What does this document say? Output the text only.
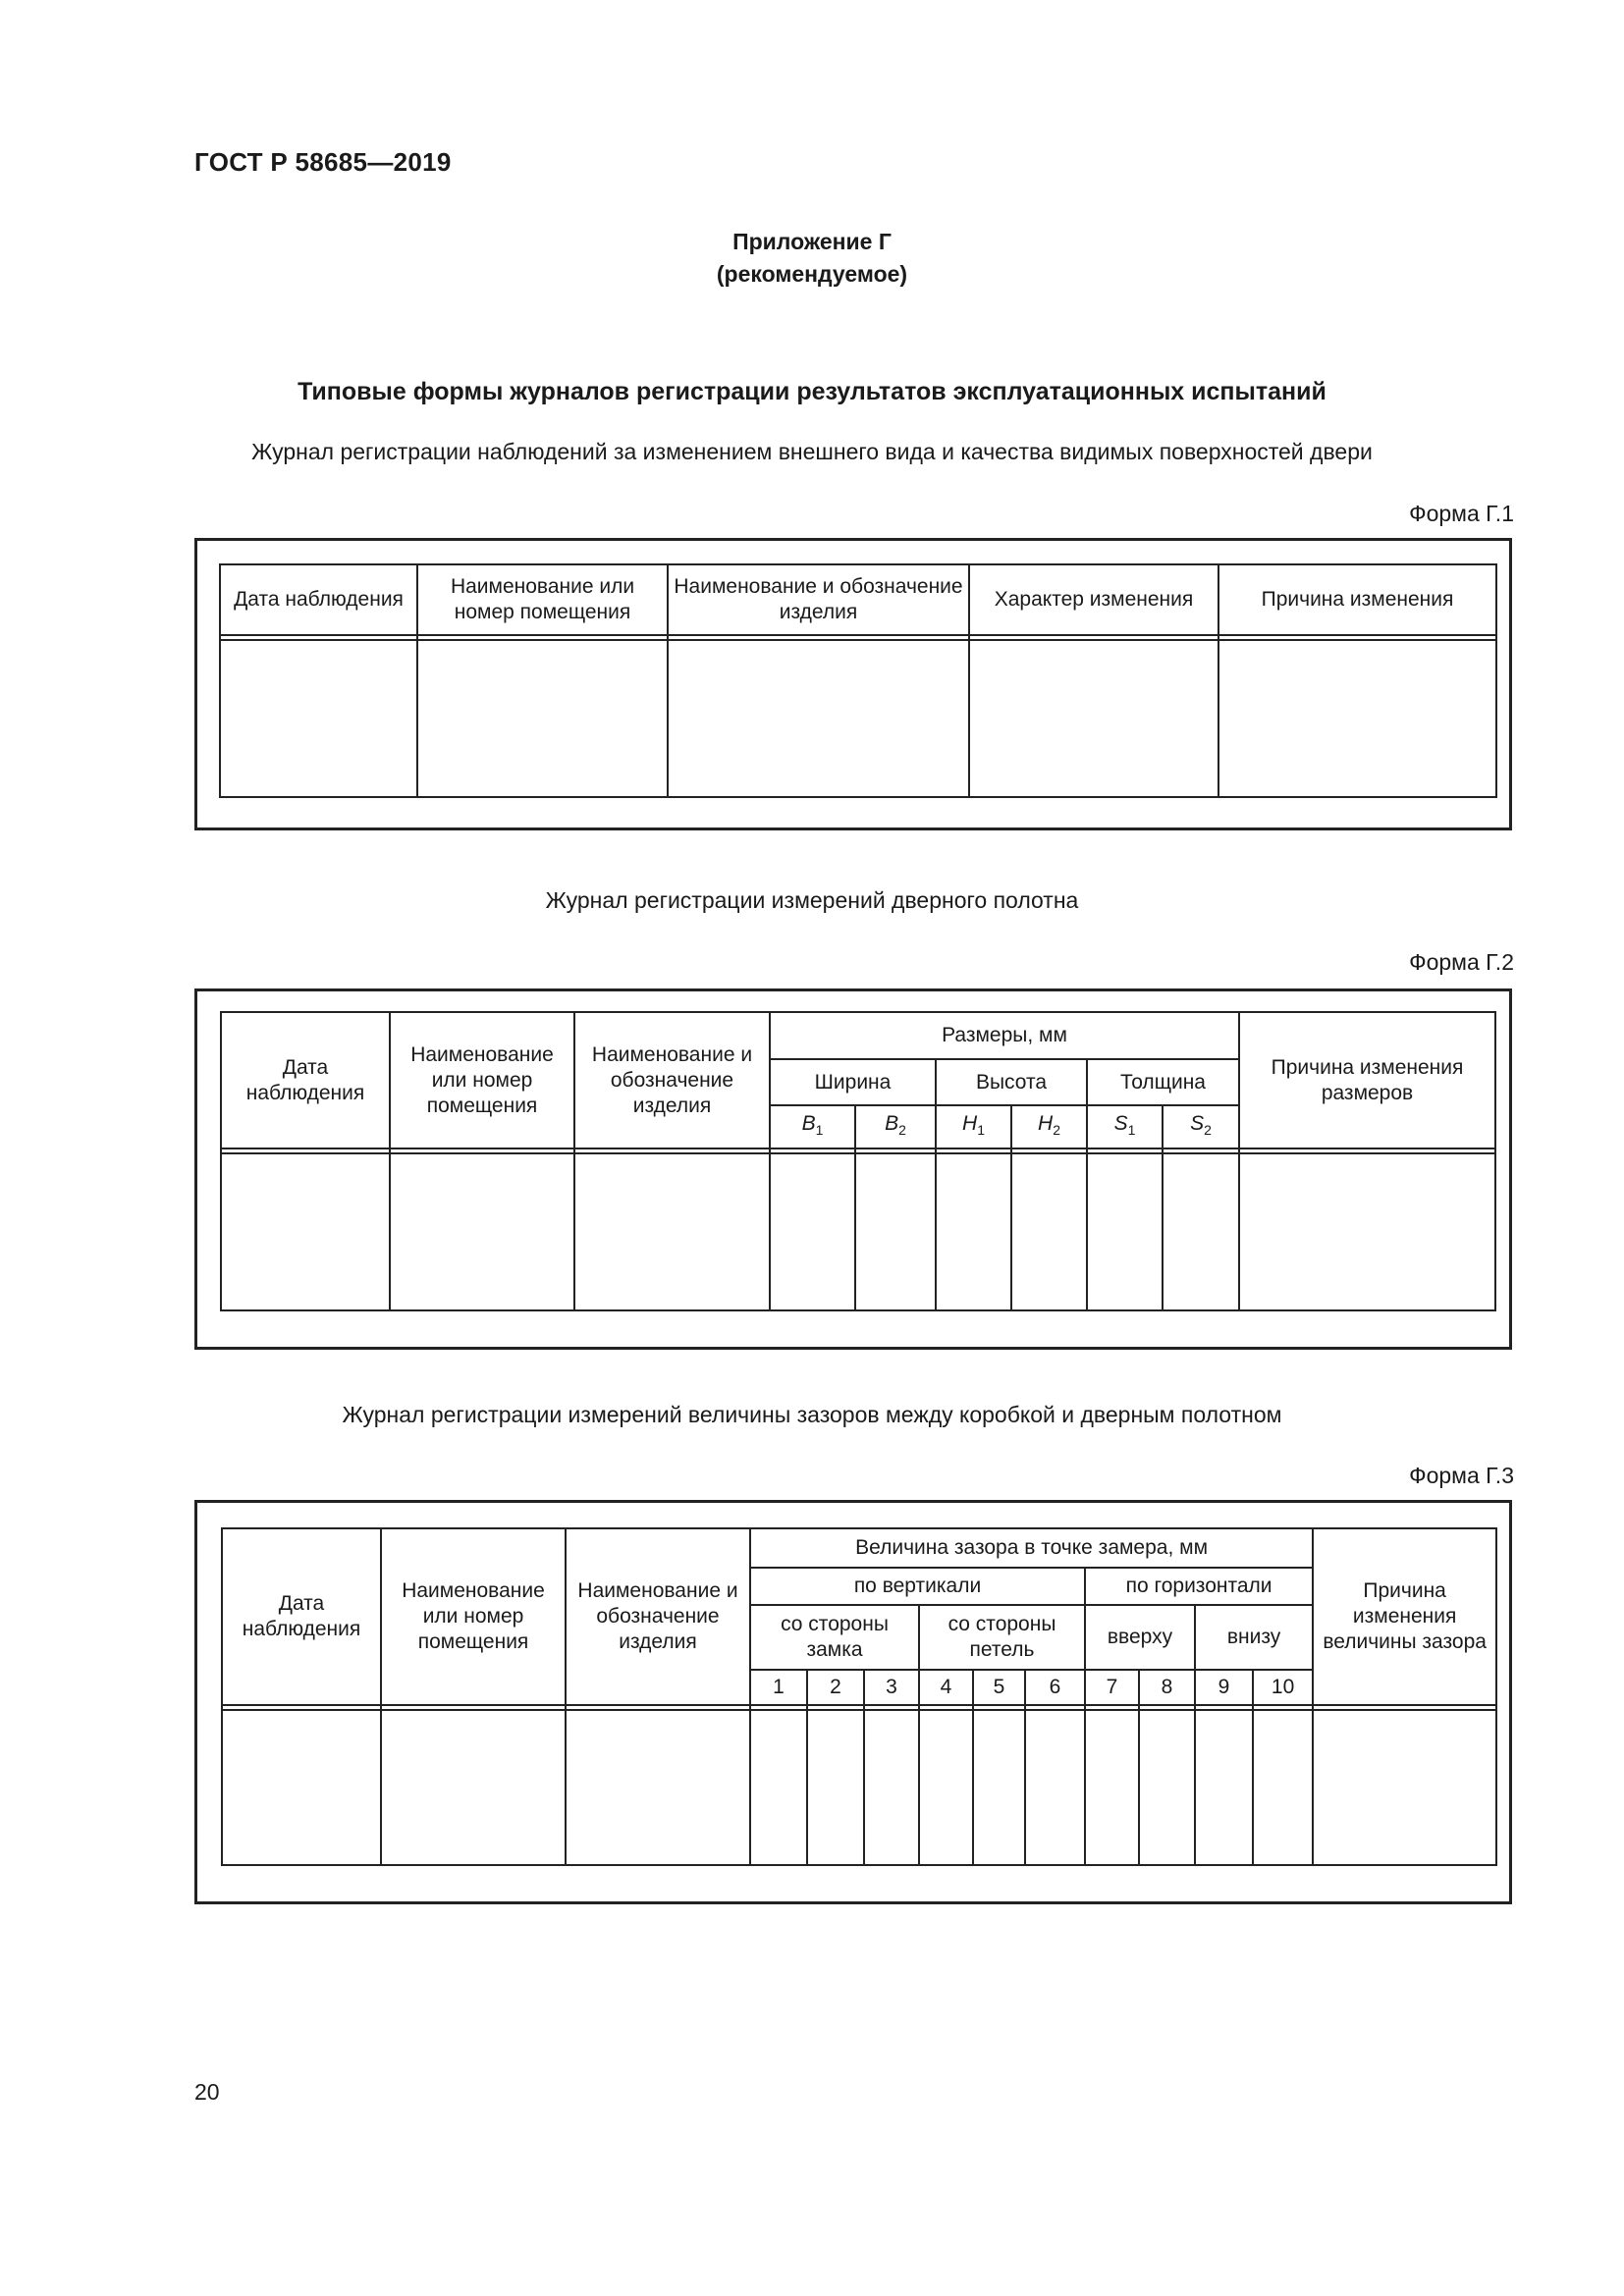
ГОСТ Р 58685—2019
Приложение Г
(рекомендуемое)
Типовые формы журналов регистрации результатов эксплуатационных испытаний
Журнал регистрации наблюдений за изменением внешнего вида и качества видимых поверхностей двери
Форма Г.1
Дата наблюдения	Наименование или номер помещения	Наименование и обозначение изделия	Характер изменения	Причина изменения

Журнал регистрации измерений дверного полотна
Форма Г.2
Дата наблюдения	Наименование или номер помещения	Наименование и обозначение изделия	Размеры, мм						Причина изменения размеров
			Ширина		Высота		Толщина		
			$B_1$	$B_2$	$H_1$	$H_2$	$S_1$	$S_2$

Журнал регистрации измерений величины зазоров между коробкой и дверным полотном
Форма Г.3
Дата наблюдения	Наименование или номер помещения	Наименование и обозначение изделия	Величина зазора в точке замера, мм										Причина изменения величины зазора
			по вертикали						по горизонтали				
			со стороны замка			со стороны петель			вверху		внизу		
			1	2	3	4	5	6	7	8	9	10	

20
